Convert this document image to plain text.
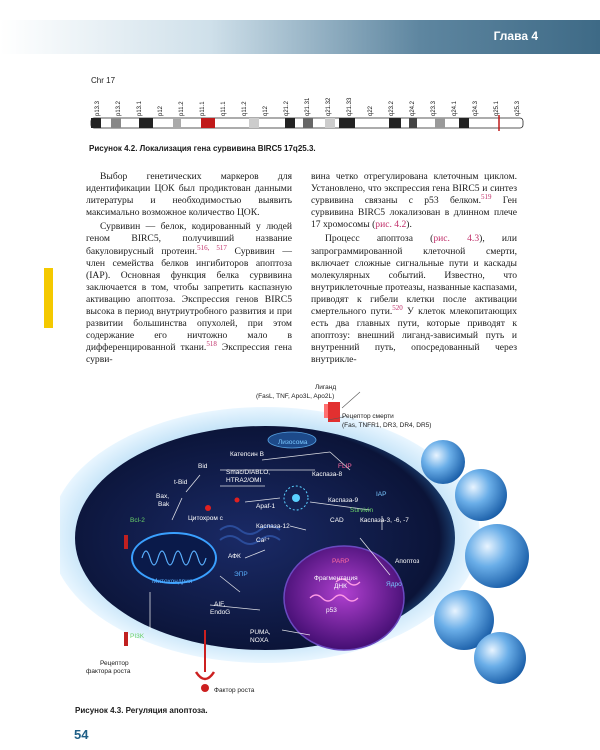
Глава 4
Chr 17
p13.3	p13.2	p13.1	p12	p11.2	p11.1	q11.1	q11.2	q12	q21.2	q21.31	q21.32	q21.33	q22	q23.2	q24.2	q23.3	q24.1	q24.3	q25.1	q25.3
Рисунок 4.2. Локализация гена сурвивина BIRC5 17q25.3.

Выбор генетических маркеров для идентификации ЦОК был продиктован данными литературы и необходимостью выявить максимально возможное количество ЦОК.

Сурвивин — белок, кодированный у людей геном BIRC5, получивший название бакуловирусный протеин.$^{516, 517}$ Сурвивин — член семейства белков ингибиторов апоптоза (IAP). Основная функция белка сурвивина заключается в том, чтобы запретить каспазную активацию апоптоза. Экспрессия генов BIRC5 высока в период внутриутробного развития и при развитии большинства опухолей, при этом содержание его ничтожно мало в дифференцированной ткани.$^{518}$ Экспрессия гена сурви-

вина четко отрегулирована клеточным циклом. Установлено, что экспрессия гена BIRC5 и синтез сурвивина связаны с p53 белком.$^{519}$ Ген сурвивина BIRC5 локализован в длинном плече 17 хромосомы (рис. 4.2).

Процесс апоптоза (рис. 4.3), или запрограммированной клеточной смерти, включает сложные сигнальные пути и каскады молекулярных событий. Известно, что внутриклеточные протеазы, названные каспазами, приводят к гибели клетки после активации смертельного пути.$^{520}$ У клеток млекопитающих есть два главных пути, которые приводят к апоптозу: внешний лиганд-зависимый путь и внутренний путь, опосредованный через внутрикле-

Лиганд
(FasL, TNF, Apo3L, Apo2L)
Рецептор смерти
(Fas, TNFR1, DR3, DR4, DR5)
Лизосома
Катепсин B
FLIP
Каспаза-8
Bid
Smac/DIABLO,
HTRA2/OMI
t-Bid
Bax,
Bak
Bcl-2	Цитохром c
Apaf-1
Каспаза-9
IAP
Survivin
CAD	Каспаза-3, -6, -7
Каспаза-12
Ca²⁺
АФК
Митохондрия
ЭПР
PARP	Апоптоз
Фрагментация
ДНК	Ядро
AIF,
EndoG
PI3K
p53
PUMA,
NOXA
Рецептор
фактора роста
Фактор роста
Рисунок 4.3. Регуляция апоптоза.
54
